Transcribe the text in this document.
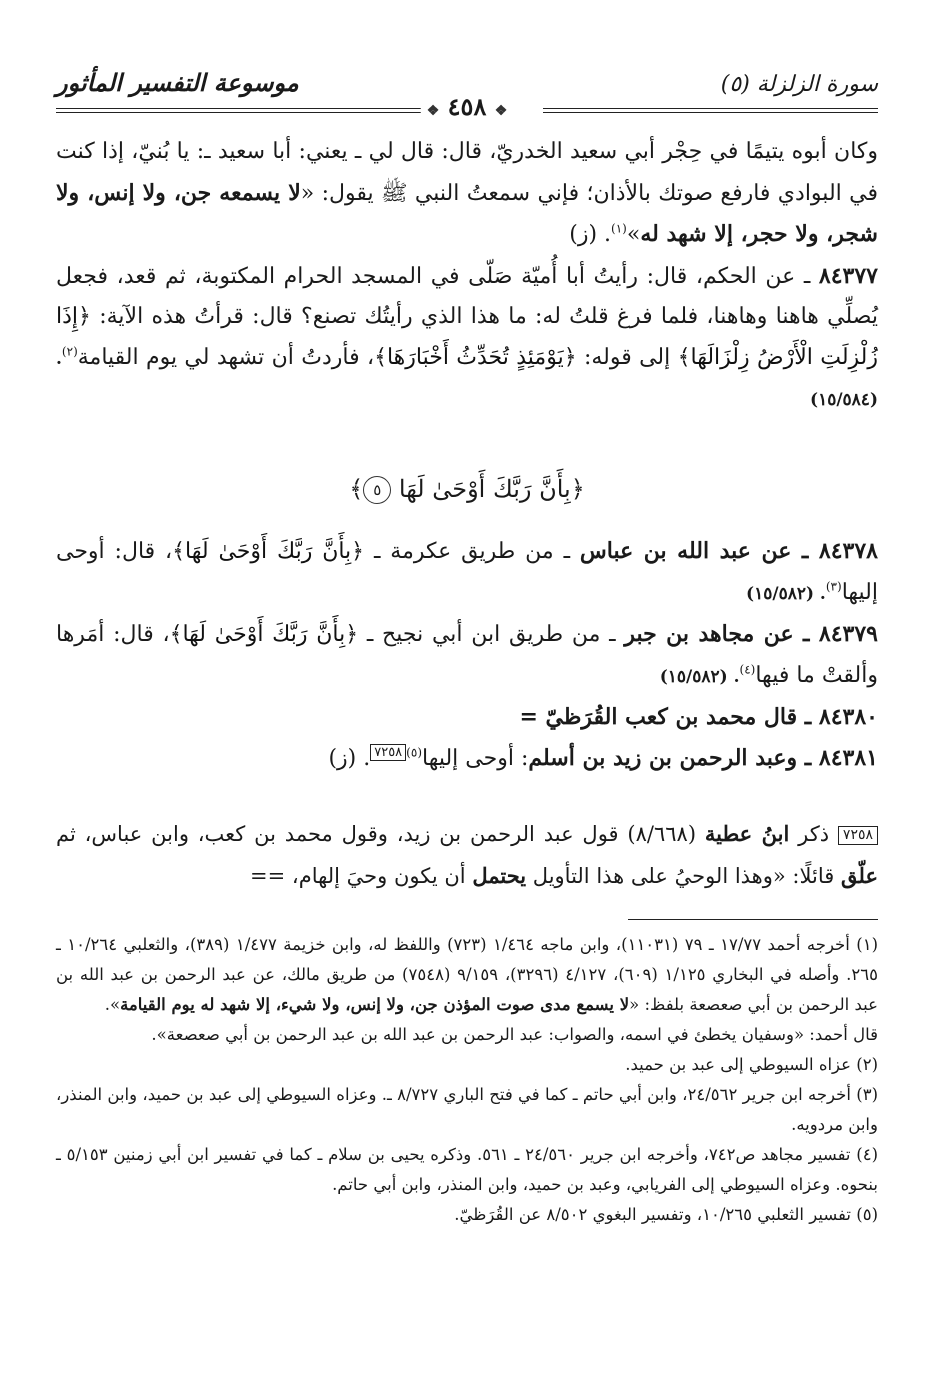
سورة الزلزلة (٥)
موسوعة التفسير المأثور
❖ ٤٥٨ ❖

وكان أبوه يتيمًا في حِجْر أبي سعيد الخدريّ، قال: قال لي ـ يعني: أبا سعيد ـ: يا بُنيّ، إذا كنت في البوادي فارفع صوتك بالأذان؛ فإني سمعتُ النبي ﷺ يقول: «لا يسمعه جن، ولا إنس، ولا شجر، ولا حجر، إلا شهد له»$^{(١)}$. (ز)

٨٤٣٧٧ ـ عن الحكم، قال: رأيتُ أبا أُميّة صَلّى في المسجد الحرام المكتوبة، ثم قعد، فجعل يُصلِّي هاهنا وهاهنا، فلما فرغ قلتُ له: ما هذا الذي رأيتُك تصنع؟ قال: قرأتُ هذه الآية: ﴿إِذَا زُلْزِلَتِ الْأَرْضُ زِلْزَالَهَا﴾ إلى قوله: ﴿يَوْمَئِذٍ تُحَدِّثُ أَخْبَارَهَا﴾، فأردتُ أن تشهد لي يوم القيامة$^{(٢)}$. (١٥/٥٨٤)

﴿بِأَنَّ رَبَّكَ أَوْحَىٰ لَهَا ٥﴾

٨٤٣٧٨ ـ عن عبد الله بن عباس ـ من طريق عكرمة ـ ﴿بِأَنَّ رَبَّكَ أَوْحَىٰ لَهَا﴾، قال: أوحى إليها$^{(٣)}$. (١٥/٥٨٢)

٨٤٣٧٩ ـ عن مجاهد بن جبر ـ من طريق ابن أبي نجيح ـ ﴿بِأَنَّ رَبَّكَ أَوْحَىٰ لَهَا﴾، قال: أمَرها وألقتْ ما فيها$^{(٤)}$. (١٥/٥٨٢)

٨٤٣٨٠ ـ قال محمد بن كعب القُرَظيّ =

٨٤٣٨١ ـ وعبد الرحمن بن زيد بن أسلم: أوحى إليها$^{(٥)}$٧٢٥٨. (ز)

٧٢٥٨ ذكر ابنُ عطية (٨/٦٦٨) قول عبد الرحمن بن زيد، وقول محمد بن كعب، وابن عباس، ثم علّق قائلًا: «وهذا الوحيُ على هذا التأويل يحتمل أن يكون وحيَ إلهام، ==

(١) أخرجه أحمد ١٧/٧٧ ـ ٧٩ (١١٠٣١)، وابن ماجه ١/٤٦٤ (٧٢٣) واللفظ له، وابن خزيمة ١/٤٧٧ (٣٨٩)، والثعلبي ١٠/٢٦٤ ـ ٢٦٥. وأصله في البخاري ١/١٢٥ (٦٠٩)، ٤/١٢٧ (٣٢٩٦)، ٩/١٥٩ (٧٥٤٨) من طريق مالك، عن عبد الرحمن بن عبد الله بن عبد الرحمن بن أبي صعصعة بلفظ: «لا يسمع مدى صوت المؤذن جن، ولا إنس، ولا شيء، إلا شهد له يوم القيامة».

قال أحمد: «وسفيان يخطئ في اسمه، والصواب: عبد الرحمن بن عبد الله بن عبد الرحمن بن أبي صعصعة».

(٢) عزاه السيوطي إلى عبد بن حميد.

(٣) أخرجه ابن جرير ٢٤/٥٦٢، وابن أبي حاتم ـ كما في فتح الباري ٨/٧٢٧ ـ. وعزاه السيوطي إلى عبد بن حميد، وابن المنذر، وابن مردويه.

(٤) تفسير مجاهد ص٧٤٢، وأخرجه ابن جرير ٢٤/٥٦٠ ـ ٥٦١. وذكره يحيى بن سلام ـ كما في تفسير ابن أبي زمنين ٥/١٥٣ ـ بنحوه. وعزاه السيوطي إلى الفريابي، وعبد بن حميد، وابن المنذر، وابن أبي حاتم.

(٥) تفسير الثعلبي ١٠/٢٦٥، وتفسير البغوي ٨/٥٠٢ عن القُرَظيّ.
